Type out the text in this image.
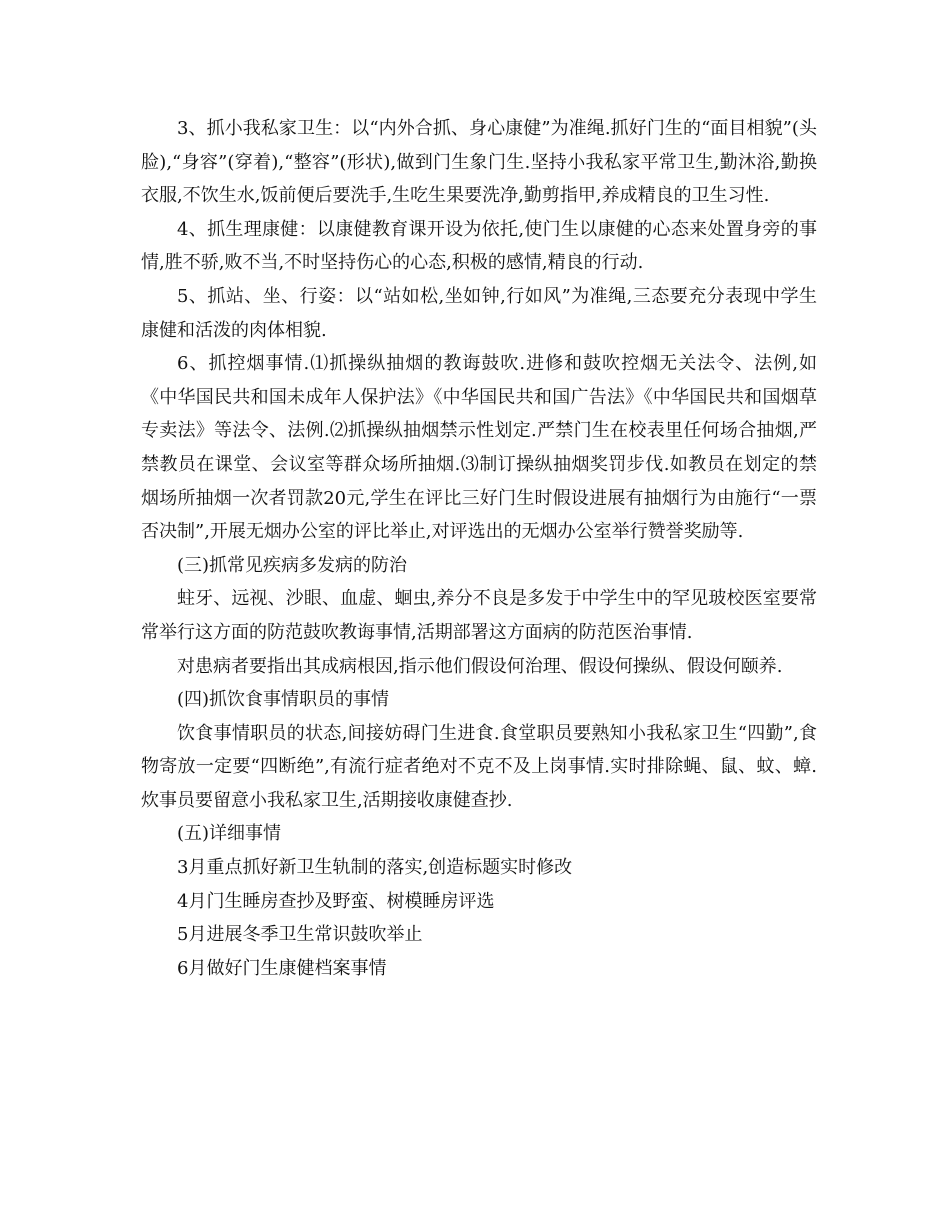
3、抓小我私家卫生：以“内外合抓、身心康健”为准绳.抓好门生的“面目相貌”(头脸),“身容”(穿着),“整容”(形状),做到门生象门生.坚持小我私家平常卫生,勤沐浴,勤换衣服,不饮生水,饭前便后要洗手,生吃生果要洗净,勤剪指甲,养成精良的卫生习性.

4、抓生理康健：以康健教育课开设为依托,使门生以康健的心态来处置身旁的事情,胜不骄,败不当,不时坚持伤心的心态,积极的感情,精良的行动.

5、抓站、坐、行姿：以“站如松,坐如钟,行如风”为准绳,三态要充分表现中学生康健和活泼的肉体相貌.

6、抓控烟事情.⑴抓操纵抽烟的教诲鼓吹.进修和鼓吹控烟无关法令、法例,如《中华国民共和国未成年人保护法》《中华国民共和国广告法》《中华国民共和国烟草专卖法》等法令、法例.⑵抓操纵抽烟禁示性划定.严禁门生在校表里任何场合抽烟,严禁教员在课堂、会议室等群众场所抽烟.⑶制订操纵抽烟奖罚步伐.如教员在划定的禁烟场所抽烟一次者罚款20元,学生在评比三好门生时假设进展有抽烟行为由施行“一票否决制”,开展无烟办公室的评比举止,对评选出的无烟办公室举行赞誉奖励等.

(三)抓常见疾病多发病的防治

蛀牙、远视、沙眼、血虚、蛔虫,养分不良是多发于中学生中的罕见玻校医室要常常举行这方面的防范鼓吹教诲事情,活期部署这方面病的防范医治事情.

对患病者要指出其成病根因,指示他们假设何治理、假设何操纵、假设何颐养.

(四)抓饮食事情职员的事情

饮食事情职员的状态,间接妨碍门生进食.食堂职员要熟知小我私家卫生“四勤”,食物寄放一定要“四断绝”,有流行症者绝对不克不及上岗事情.实时排除蝇、鼠、蚊、蟑.炊事员要留意小我私家卫生,活期接收康健查抄.

(五)详细事情

3月重点抓好新卫生轨制的落实,创造标题实时修改

4月门生睡房查抄及野蛮、树模睡房评选

5月进展冬季卫生常识鼓吹举止

6月做好门生康健档案事情
